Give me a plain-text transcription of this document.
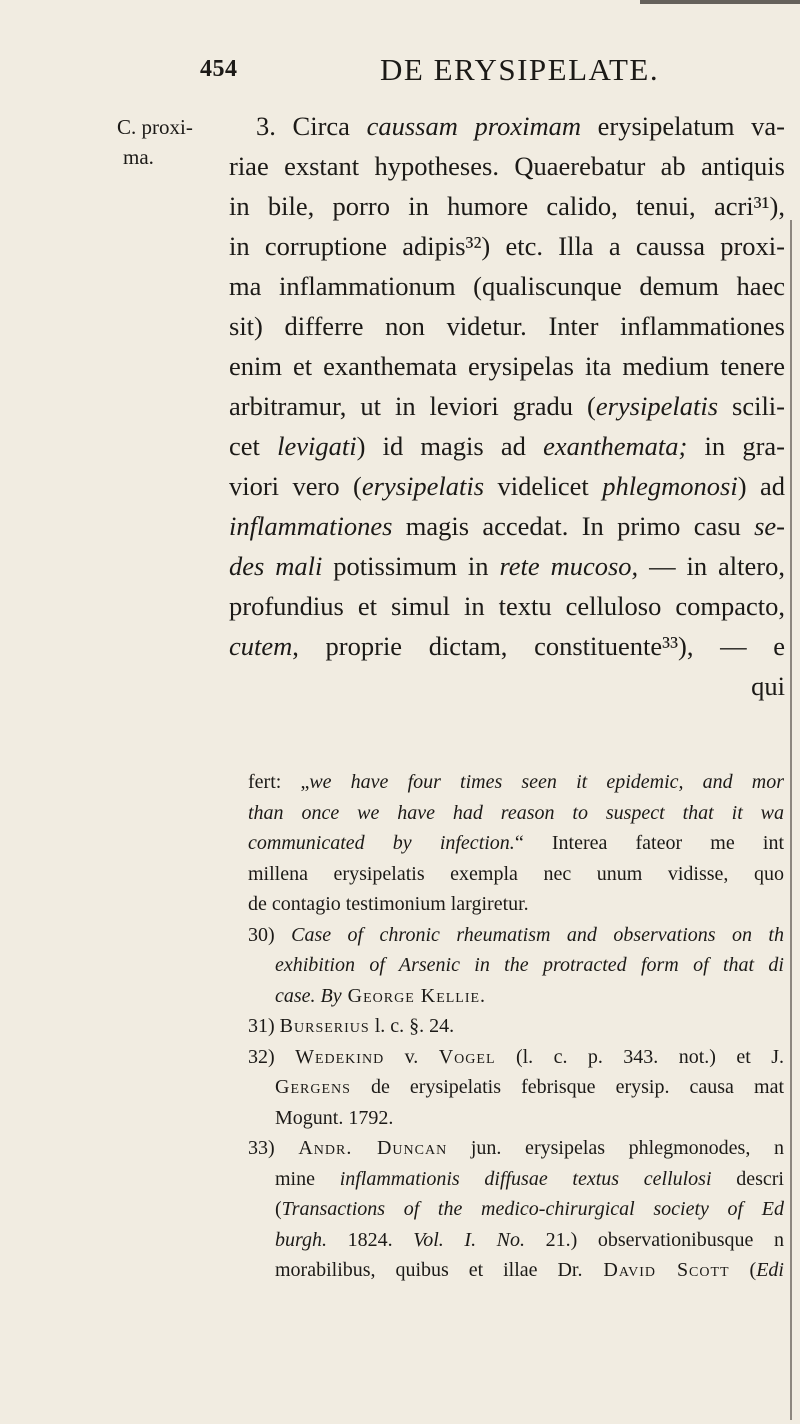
454	DE ERYSIPELATE.
C. proxi-
ma.
3. Circa caussam proximam erysipelatum va-
riae exstant hypotheses. Quaerebatur ab antiquis
in bile, porro in humore calido, tenui, acri³¹),
in corruptione adipis³²) etc. Illa a caussa proxi-
ma inflammationum (qualiscunque demum haec
sit) differre non videtur. Inter inflammationes
enim et exanthemata erysipelas ita medium tenere
arbitramur, ut in leviori gradu (erysipelatis scili-
cet levigati) id magis ad exanthemata; in gra-
viori vero (erysipelatis videlicet phlegmonosi) ad
inflammationes magis accedat. In primo casu se-
des mali potissimum in rete mucoso, — in altero,
profundius et simul in textu celluloso compacto,
cutem, proprie dictam, constituente³³), — e
qui
fert: „we have four times seen it epidemic, and mor
than once we have had reason to suspect that it wa
communicated by infection.“ Interea fateor me int
millena erysipelatis exempla nec unum vidisse, quo
de contagio testimonium largiretur.
30) Case of chronic rheumatism and observations on th
exhibition of Arsenic in the protracted form of that di
case. By George Kellie.
31) Burserius l. c. §. 24.
32) Wedekind v. Vogel (l. c. p. 343. not.) et J.
Gergens de erysipelatis febrisque erysip. causa mat
Mogunt. 1792.
33) Andr. Duncan jun. erysipelas phlegmonodes, n
mine inflammationis diffusae textus cellulosi descri
(Transactions of the medico-chirurgical society of Ed
burgh. 1824. Vol. I. No. 21.) observationibusque n
morabilibus, quibus et illae Dr. David Scott (Edi
